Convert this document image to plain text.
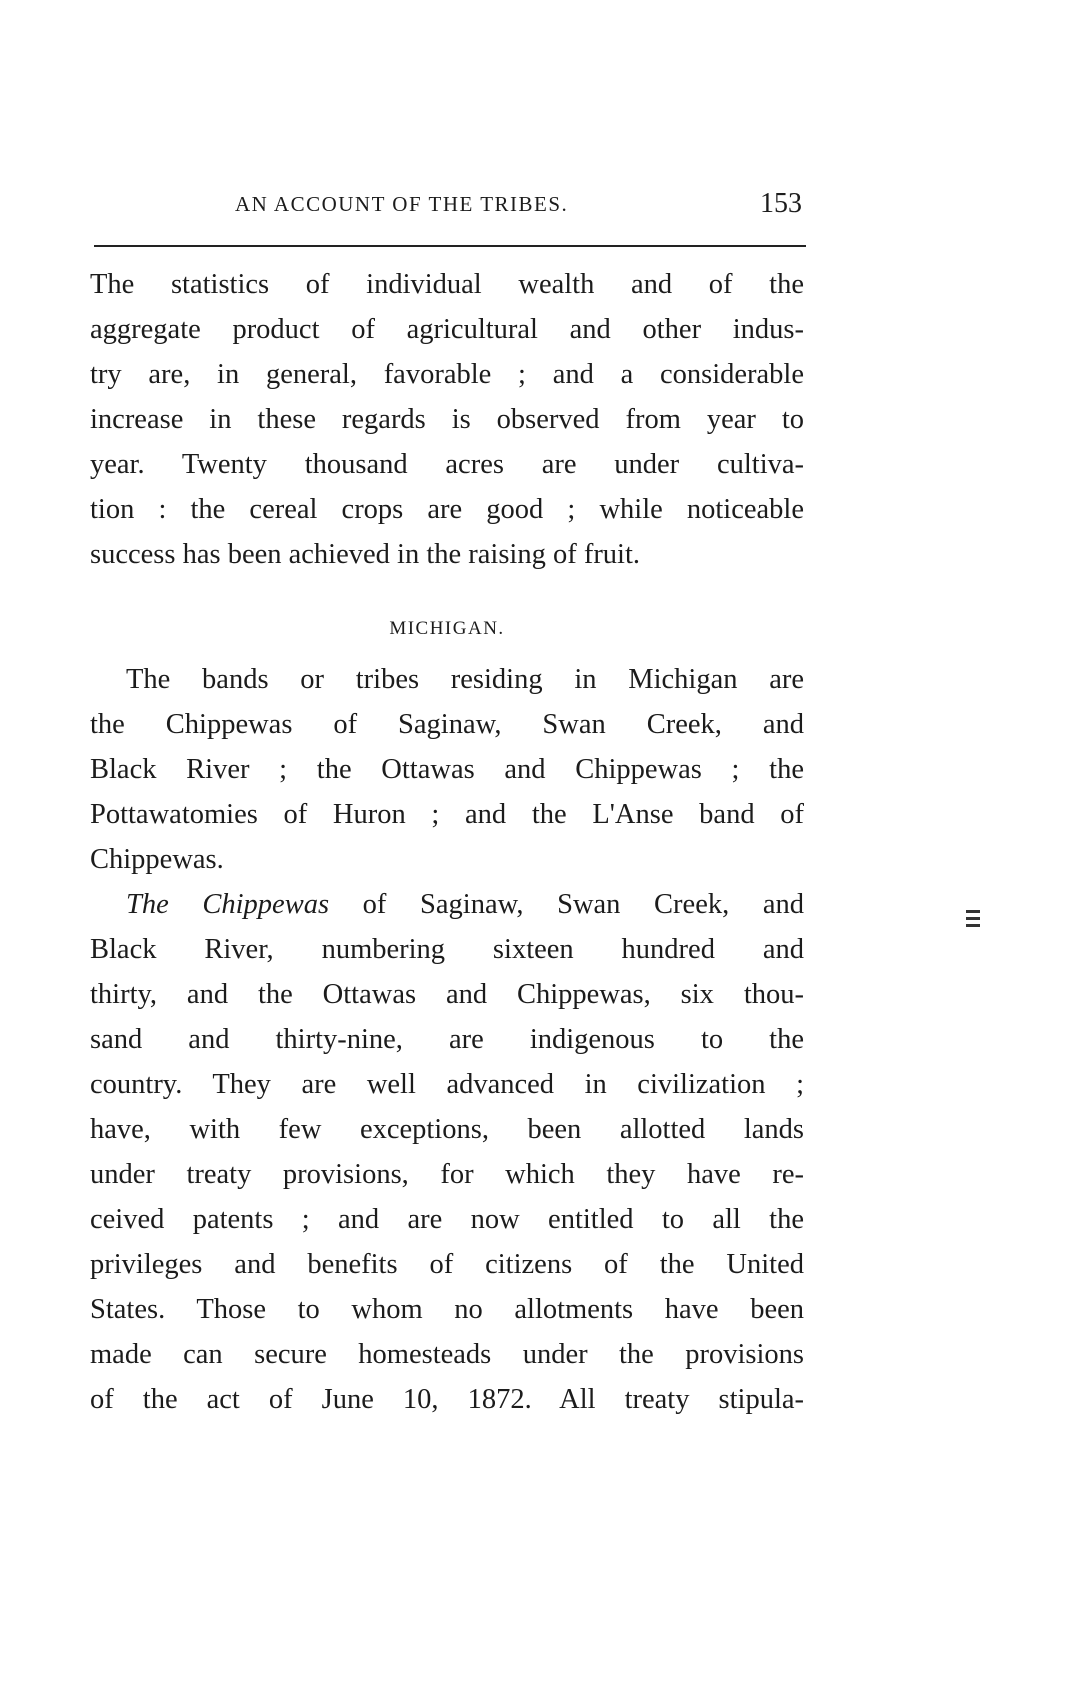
AN ACCOUNT OF THE TRIBES.	153
The statistics of individual wealth and of the
aggregate product of agricultural and other indus-
try are, in general, favorable ; and a considerable
increase in these regards is observed from year to
year. Twenty thousand acres are under cultiva-
tion : the cereal crops are good ; while noticeable
success has been achieved in the raising of fruit.
MICHIGAN.
The bands or tribes residing in Michigan are
the Chippewas of Saginaw, Swan Creek, and
Black River ; the Ottawas and Chippewas ; the
Pottawatomies of Huron ; and the L'Anse band of
Chippewas.
The Chippewas of Saginaw, Swan Creek, and
Black River, numbering sixteen hundred and
thirty, and the Ottawas and Chippewas, six thou-
sand and thirty-nine, are indigenous to the
country. They are well advanced in civilization ;
have, with few exceptions, been allotted lands
under treaty provisions, for which they have re-
ceived patents ; and are now entitled to all the
privileges and benefits of citizens of the United
States. Those to whom no allotments have been
made can secure homesteads under the provisions
of the act of June 10, 1872. All treaty stipula-
